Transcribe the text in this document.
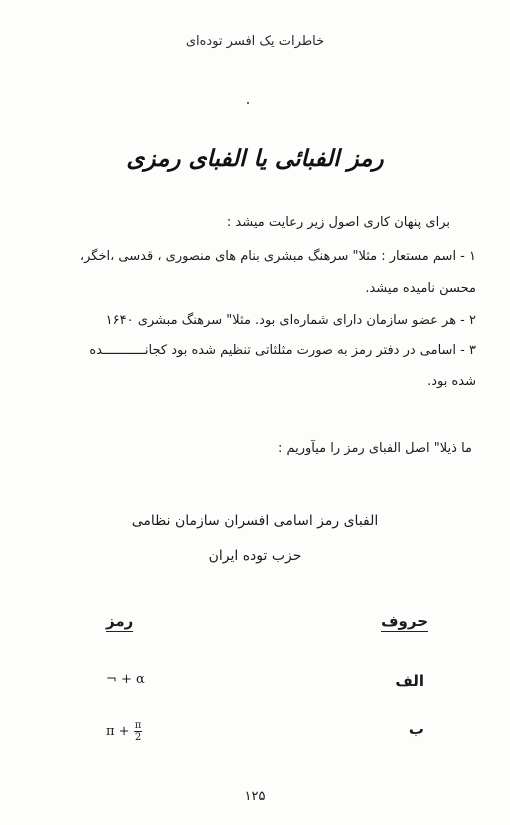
خاطرات یک افسر توده‌ای
رمز الفبائی یا الفبای رمزی
برای پنهان کاری اصول زیر رعایت میشد :
۱ - اسم مستعار : مثلا" سرهنگ مبشری بنام های منصوری ، قدسی ،اخگر،
محسن نامیده میشد.
۲ - هر عضو سازمان دارای شماره‌ای بود. مثلا" سرهنگ مبشری ۱۶۴۰
۳ - اسامی در دفتر رمز به صورت مثلثاتی تنظیم شده بود کجانـــــــــــده
شده بود.
ما ذیلا" اصل الفبای رمز را میآوریم :
الفبای رمز اسامی افسران سازمان نظامی
حزب توده ایران
حروف
رمز
الف
¬ + α
ب
$\pi + \frac{\pi}{2}$
۱۲۵
